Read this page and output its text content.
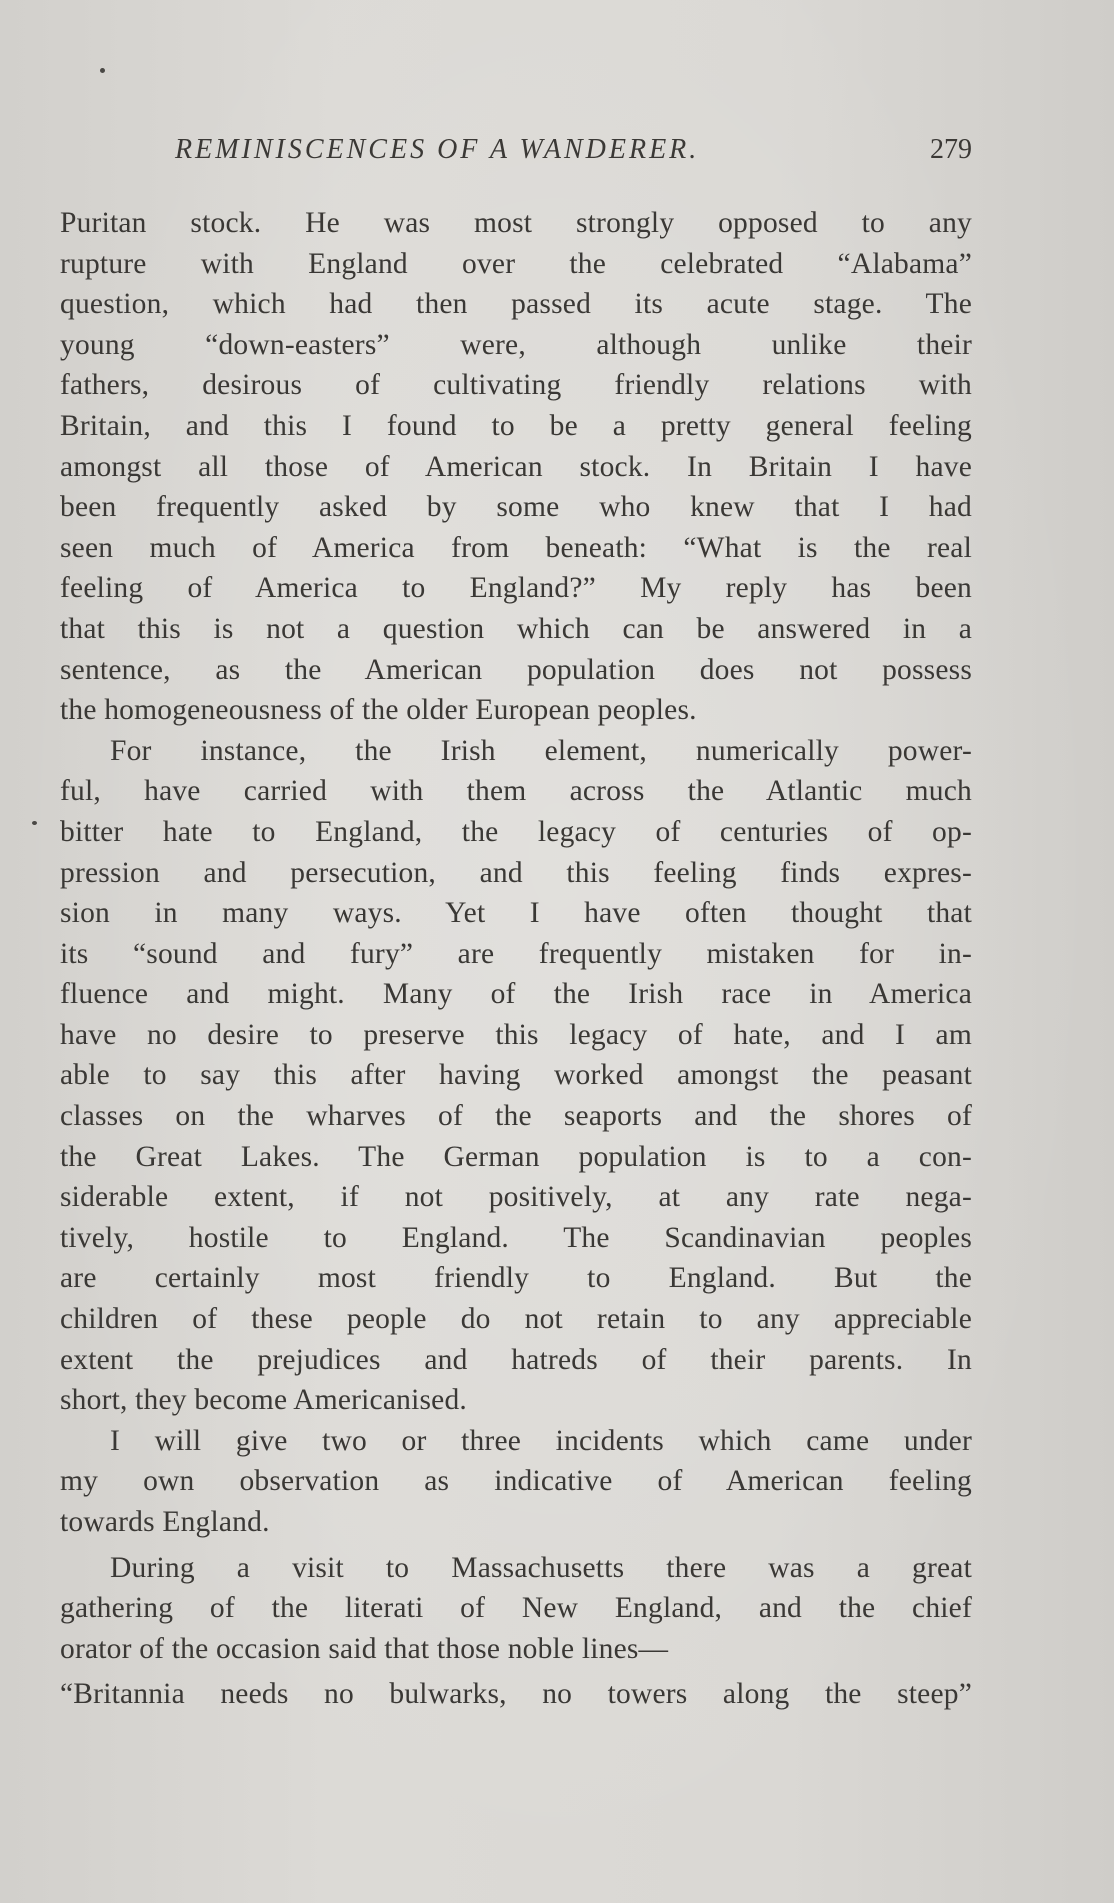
REMINISCENCES OF A WANDERER.	279
Puritan stock. He was most strongly opposed to any
rupture with England over the celebrated “Alabama”
question, which had then passed its acute stage. The
young “down-easters” were, although unlike their
fathers, desirous of cultivating friendly relations with
Britain, and this I found to be a pretty general feeling
amongst all those of American stock. In Britain I have
been frequently asked by some who knew that I had
seen much of America from beneath: “What is the real
feeling of America to England?” My reply has been
that this is not a question which can be answered in a
sentence, as the American population does not possess
the homogeneousness of the older European peoples.
For instance, the Irish element, numerically power-
ful, have carried with them across the Atlantic much
bitter hate to England, the legacy of centuries of op-
pression and persecution, and this feeling finds expres-
sion in many ways. Yet I have often thought that
its “sound and fury” are frequently mistaken for in-
fluence and might. Many of the Irish race in America
have no desire to preserve this legacy of hate, and I am
able to say this after having worked amongst the peasant
classes on the wharves of the seaports and the shores of
the Great Lakes. The German population is to a con-
siderable extent, if not positively, at any rate nega-
tively, hostile to England. The Scandinavian peoples
are certainly most friendly to England. But the
children of these people do not retain to any appreciable
extent the prejudices and hatreds of their parents. In
short, they become Americanised.
I will give two or three incidents which came under
my own observation as indicative of American feeling
towards England.
During a visit to Massachusetts there was a great
gathering of the literati of New England, and the chief
orator of the occasion said that those noble lines—
“Britannia needs no bulwarks, no towers along the steep”
